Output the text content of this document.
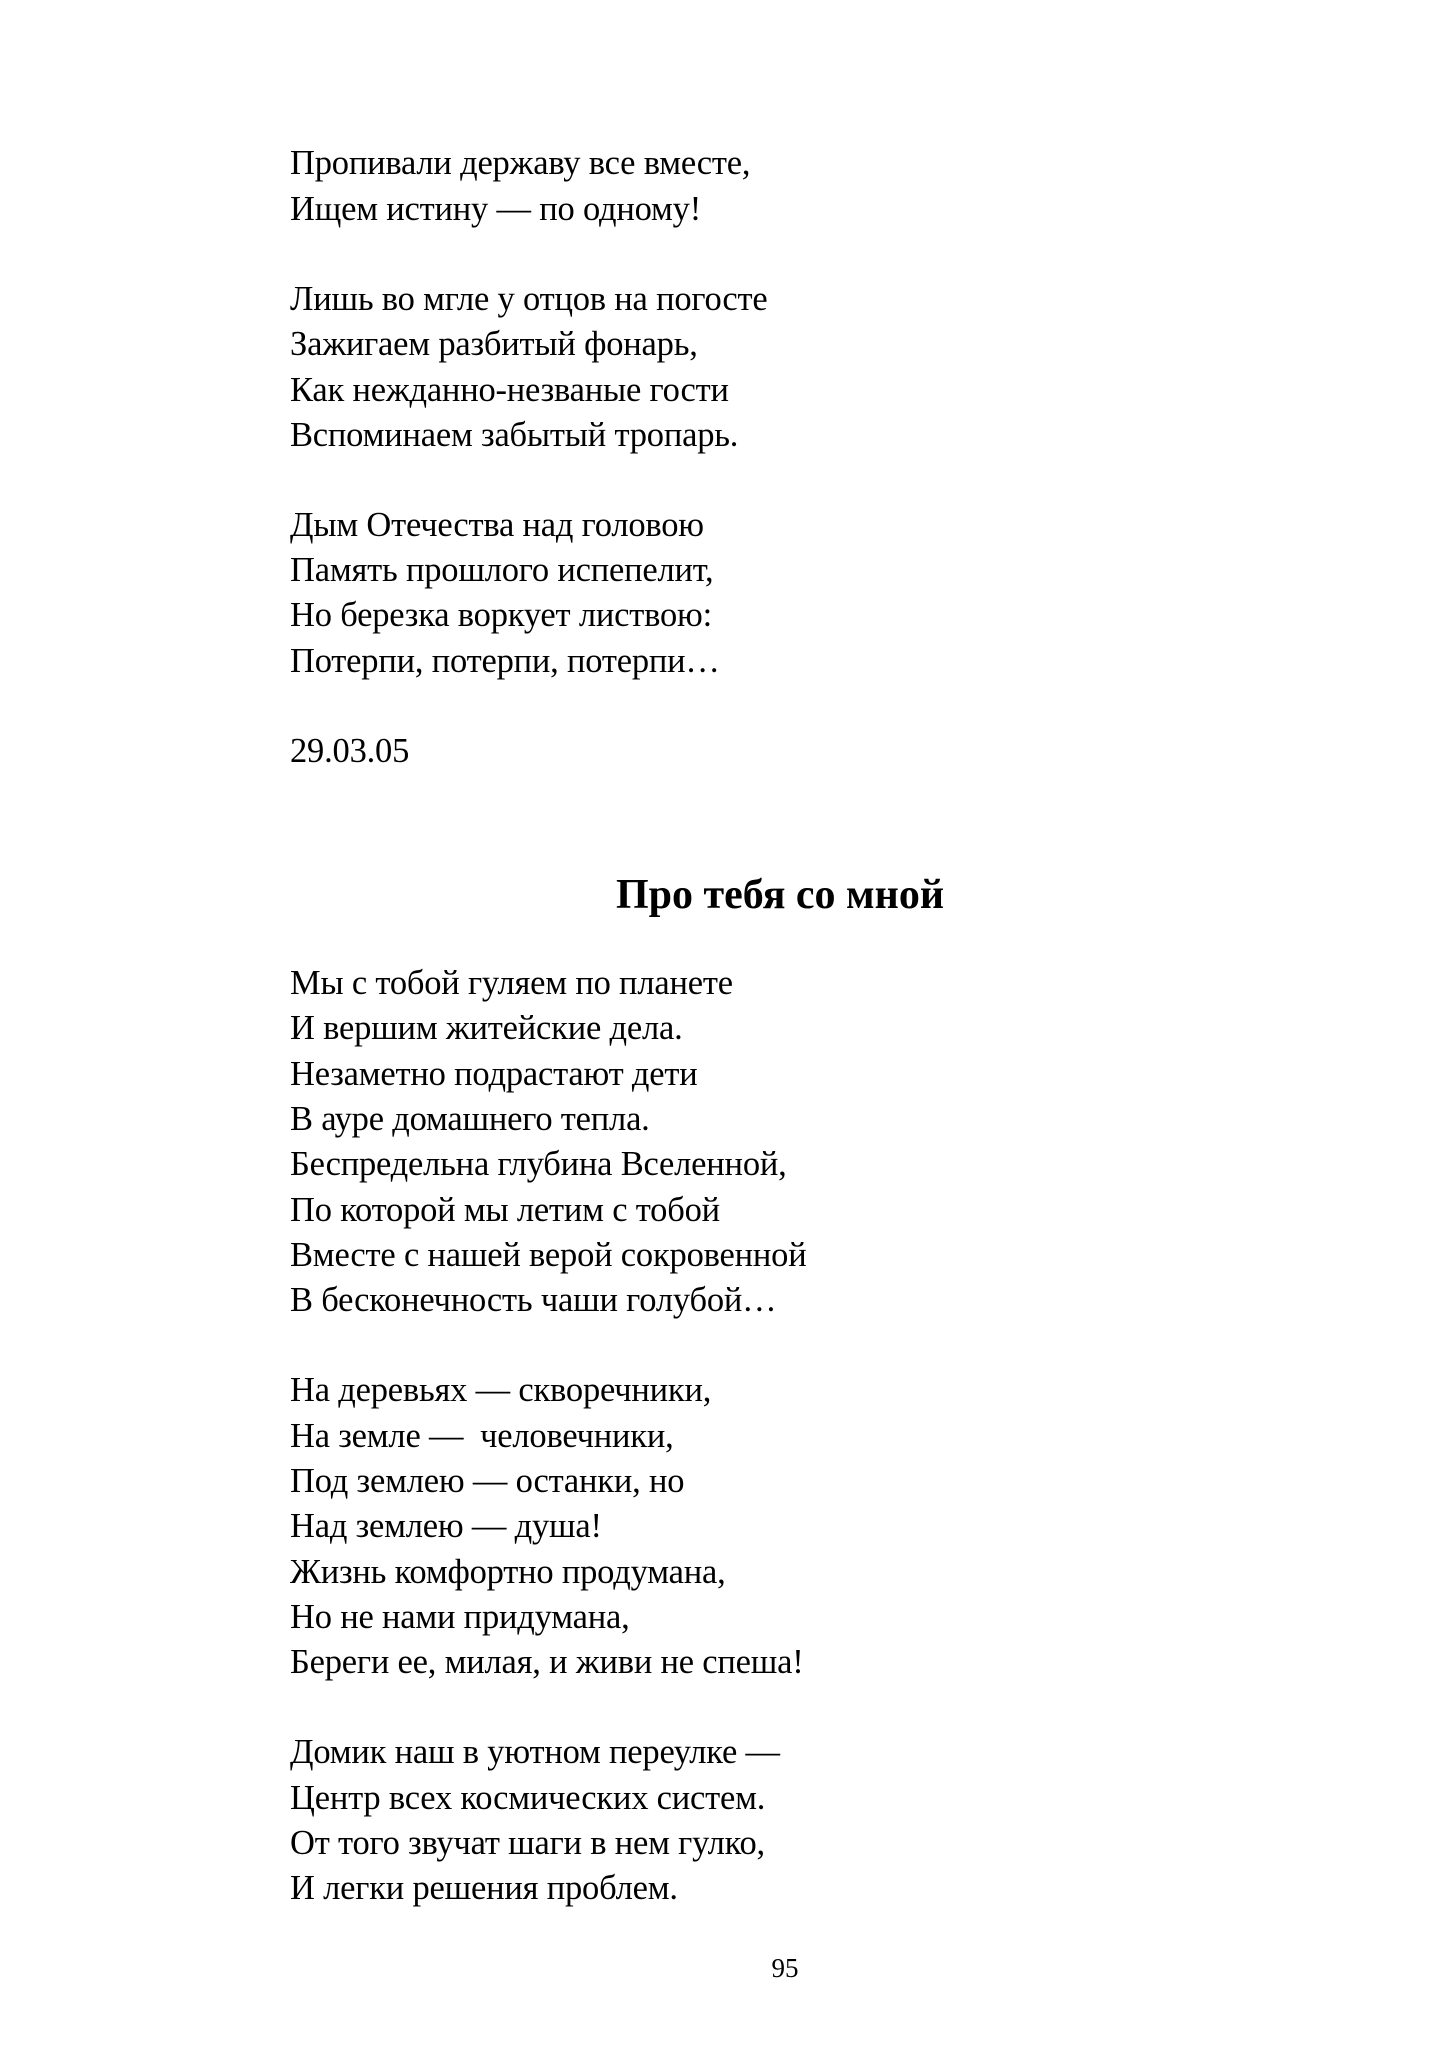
Пропивали державу все вместе,
Ищем истину — по одному!
Лишь во мгле у отцов на погосте
Зажигаем разбитый фонарь,
Как нежданно-незваные гости
Вспоминаем забытый тропарь.
Дым Отечества над головою
Память прошлого испепелит,
Но березка воркует листвою:
Потерпи, потерпи, потерпи…
29.03.05
Про тебя со мной
Мы с тобой гуляем по планете
И вершим житейские дела.
Незаметно подрастают дети
В ауре домашнего тепла.
Беспредельна глубина Вселенной,
По которой мы летим с тобой
Вместе с нашей верой сокровенной
В бесконечность чаши голубой…
На деревьях — скворечники,
На земле —  человечники,
Под землею — останки, но
Над землею — душа!
Жизнь комфортно продумана,
Но не нами придумана,
Береги ее, милая, и живи не спеша!
Домик наш в уютном переулке —
Центр всех космических систем.
От того звучат шаги в нем гулко,
И легки решения проблем.
95
